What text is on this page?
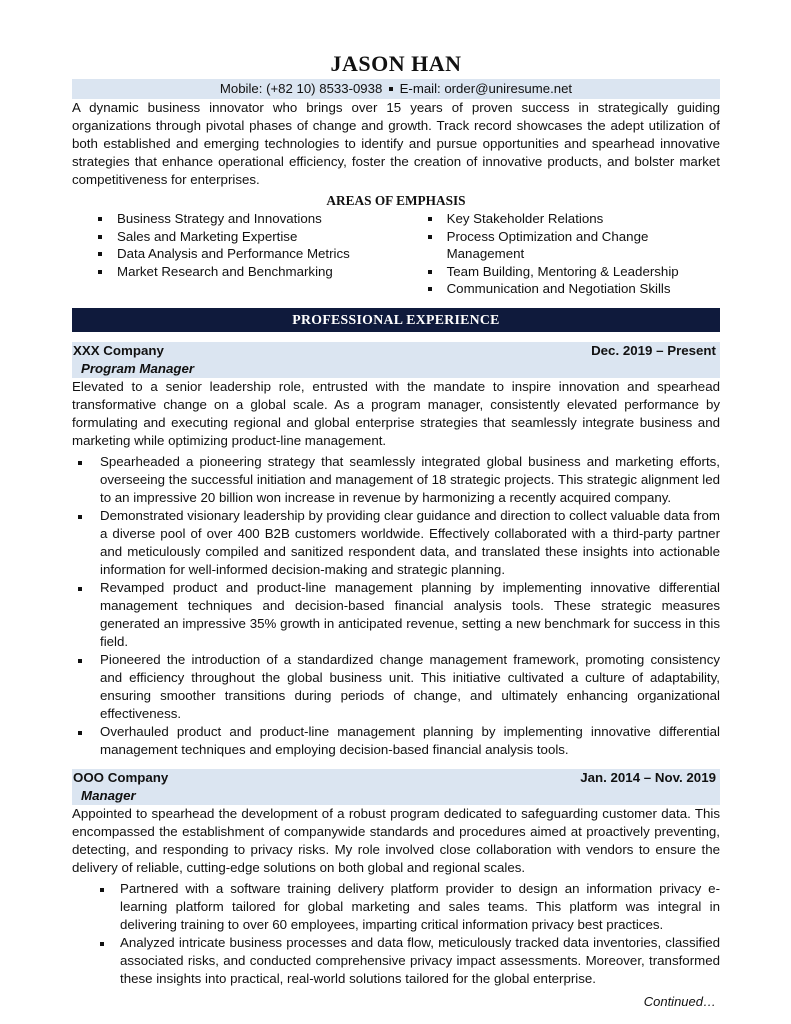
JASON HAN
Mobile: (+82 10) 8533-0938 E-mail: order@uniresume.net

A dynamic business innovator who brings over 15 years of proven success in strategically guiding organizations through pivotal phases of change and growth. Track record showcases the adept utilization of both established and emerging technologies to identify and pursue opportunities and spearhead innovative strategies that enhance operational efficiency, foster the creation of innovative products, and bolster market competitiveness for enterprises.

AREAS OF EMPHASIS
Business Strategy and Innovations
Sales and Marketing Expertise
Data Analysis and Performance Metrics
Market Research and Benchmarking
Key Stakeholder Relations
Process Optimization and Change Management
Team Building, Mentoring & Leadership
Communication and Negotiation Skills
PROFESSIONAL EXPERIENCE
XXX Company	Dec. 2019 – Present
Program Manager

Elevated to a senior leadership role, entrusted with the mandate to inspire innovation and spearhead transformative change on a global scale. As a program manager, consistently elevated performance by formulating and executing regional and global enterprise strategies that seamlessly integrate business and marketing while optimizing product-line management.

Spearheaded a pioneering strategy that seamlessly integrated global business and marketing efforts, overseeing the successful initiation and management of 18 strategic projects. This strategic alignment led to an impressive 20 billion won increase in revenue by harmonizing a recently acquired company.
Demonstrated visionary leadership by providing clear guidance and direction to collect valuable data from a diverse pool of over 400 B2B customers worldwide. Effectively collaborated with a third-party partner and meticulously compiled and sanitized respondent data, and translated these insights into actionable information for well-informed decision-making and strategic planning.
Revamped product and product-line management planning by implementing innovative differential management techniques and decision-based financial analysis tools. These strategic measures generated an impressive 35% growth in anticipated revenue, setting a new benchmark for success in this field.
Pioneered the introduction of a standardized change management framework, promoting consistency and efficiency throughout the global business unit. This initiative cultivated a culture of adaptability, ensuring smoother transitions during periods of change, and ultimately enhancing organizational effectiveness.
Overhauled product and product-line management planning by implementing innovative differential management techniques and employing decision-based financial analysis tools.
OOO Company	Jan. 2014 – Nov. 2019
Manager

Appointed to spearhead the development of a robust program dedicated to safeguarding customer data. This encompassed the establishment of companywide standards and procedures aimed at proactively preventing, detecting, and responding to privacy risks. My role involved close collaboration with vendors to ensure the delivery of reliable, cutting-edge solutions on both global and regional scales.

Partnered with a software training delivery platform provider to design an information privacy e-learning platform tailored for global marketing and sales teams. This platform was integral in delivering training to over 60 employees, imparting critical information privacy best practices.
Analyzed intricate business processes and data flow, meticulously tracked data inventories, classified associated risks, and conducted comprehensive privacy impact assessments. Moreover, transformed these insights into practical, real-world solutions tailored for the global enterprise.
Continued…
